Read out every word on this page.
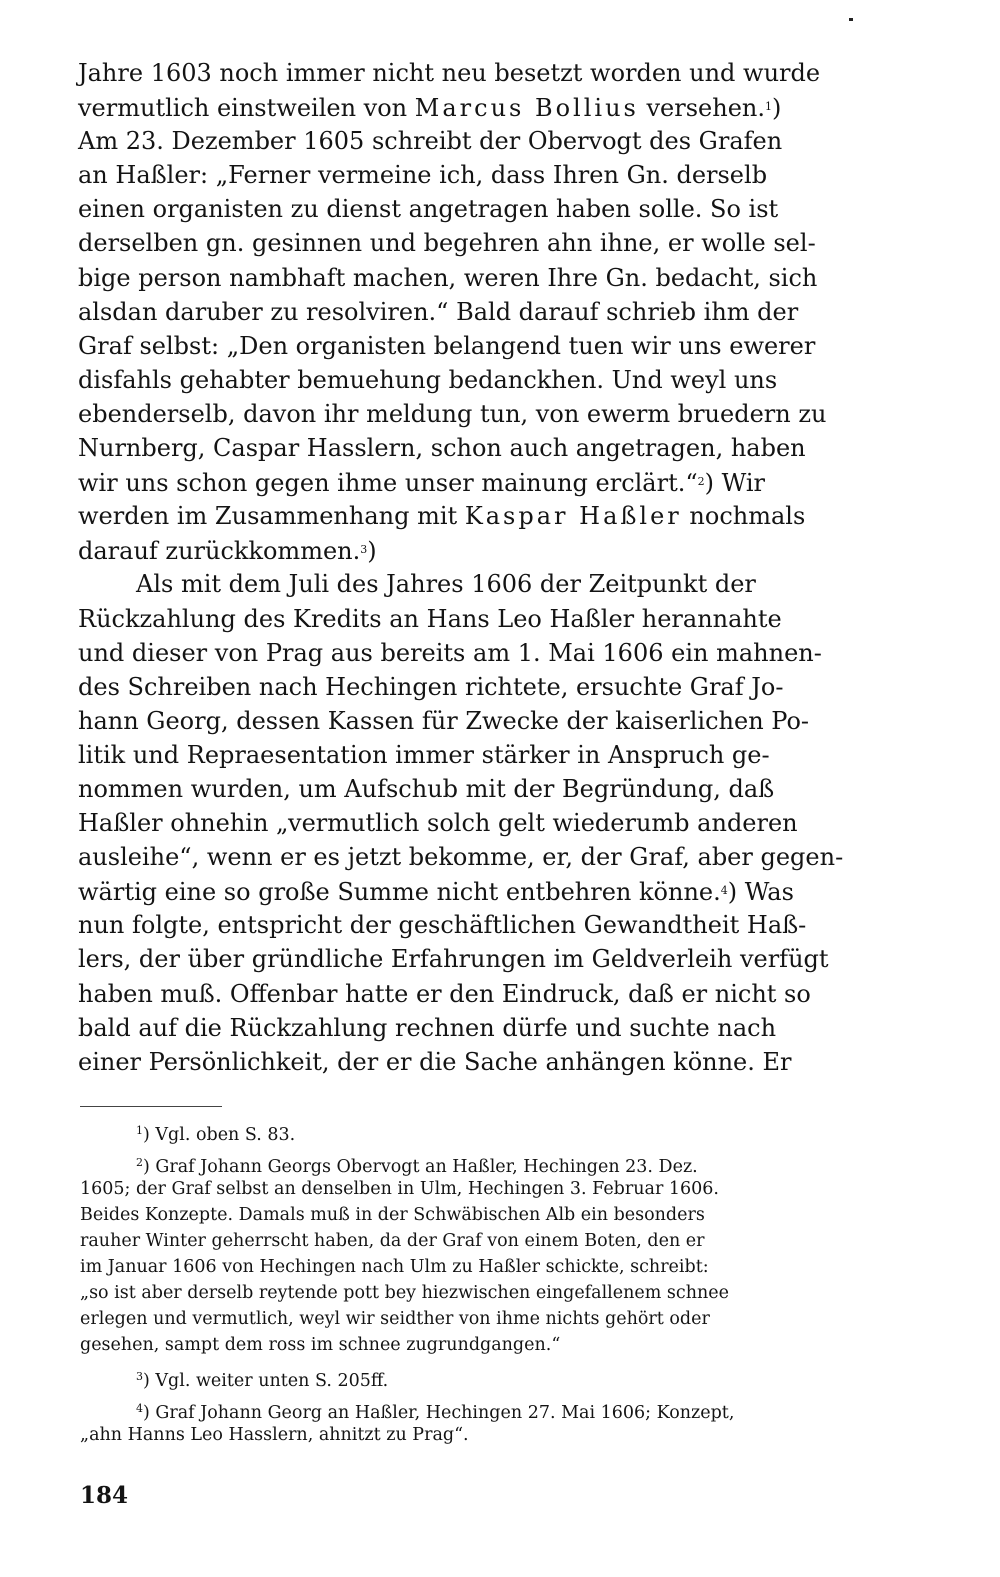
Jahre 1603 noch immer nicht neu besetzt worden und wurde
vermutlich einstweilen von Marcus Bollius versehen.$^1$)
Am 23. Dezember 1605 schreibt der Obervogt des Grafen
an Haßler: „Ferner vermeine ich, dass Ihren Gn. derselb
einen organisten zu dienst angetragen haben solle. So ist
derselben gn. gesinnen und begehren ahn ihne, er wolle sel-
bige person nambhaft machen, weren Ihre Gn. bedacht, sich
alsdan daruber zu resolviren.“ Bald darauf schrieb ihm der
Graf selbst: „Den organisten belangend tuen wir uns ewerer
disfahls gehabter bemuehung bedanckhen. Und weyl uns
ebenderselb, davon ihr meldung tun, von ewerm bruedern zu
Nurnberg, Caspar Hasslern, schon auch angetragen, haben
wir uns schon gegen ihme unser mainung erclärt.“$^2$) Wir
werden im Zusammenhang mit Kaspar Haßler nochmals
darauf zurückkommen.$^3$)
Als mit dem Juli des Jahres 1606 der Zeitpunkt der
Rückzahlung des Kredits an Hans Leo Haßler herannahte
und dieser von Prag aus bereits am 1. Mai 1606 ein mahnen-
des Schreiben nach Hechingen richtete, ersuchte Graf Jo-
hann Georg, dessen Kassen für Zwecke der kaiserlichen Po-
litik und Repraesentation immer stärker in Anspruch ge-
nommen wurden, um Aufschub mit der Begründung, daß
Haßler ohnehin „vermutlich solch gelt wiederumb anderen
ausleihe“, wenn er es jetzt bekomme, er, der Graf, aber gegen-
wärtig eine so große Summe nicht entbehren könne.$^4$) Was
nun folgte, entspricht der geschäftlichen Gewandtheit Haß-
lers, der über gründliche Erfahrungen im Geldverleih verfügt
haben muß. Offenbar hatte er den Eindruck, daß er nicht so
bald auf die Rückzahlung rechnen dürfe und suchte nach
einer Persönlichkeit, der er die Sache anhängen könne. Er
$^1$) Vgl. oben S. 83.
$^2$) Graf Johann Georgs Obervogt an Haßler, Hechingen 23. Dez.
1605; der Graf selbst an denselben in Ulm, Hechingen 3. Februar 1606.
Beides Konzepte. Damals muß in der Schwäbischen Alb ein besonders
rauher Winter geherrscht haben, da der Graf von einem Boten, den er
im Januar 1606 von Hechingen nach Ulm zu Haßler schickte, schreibt:
„so ist aber derselb reytende pott bey hiezwischen eingefallenem schnee
erlegen und vermutlich, weyl wir seidther von ihme nichts gehört oder
gesehen, sampt dem ross im schnee zugrundgangen.“
$^3$) Vgl. weiter unten S. 205ff.
$^4$) Graf Johann Georg an Haßler, Hechingen 27. Mai 1606; Konzept,
„ahn Hanns Leo Hasslern, ahnitzt zu Prag“.
184
